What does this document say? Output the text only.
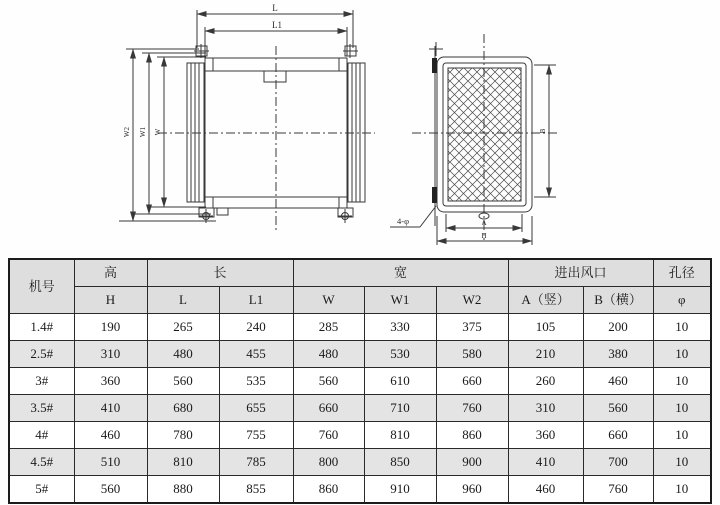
L
L1
W
W1
W2	B
A
H
4-φ
机号	高	长		宽			进出风口		孔径
	H	L	L1	W	W1	W2	A（竖）	B（横）	φ
1.4#	190	265	240	285	330	375	105	200	10
2.5#	310	480	455	480	530	580	210	380	10
3#	360	560	535	560	610	660	260	460	10
3.5#	410	680	655	660	710	760	310	560	10
4#	460	780	755	760	810	860	360	660	10
4.5#	510	810	785	800	850	900	410	700	10
5#	560	880	855	860	910	960	460	760	10
